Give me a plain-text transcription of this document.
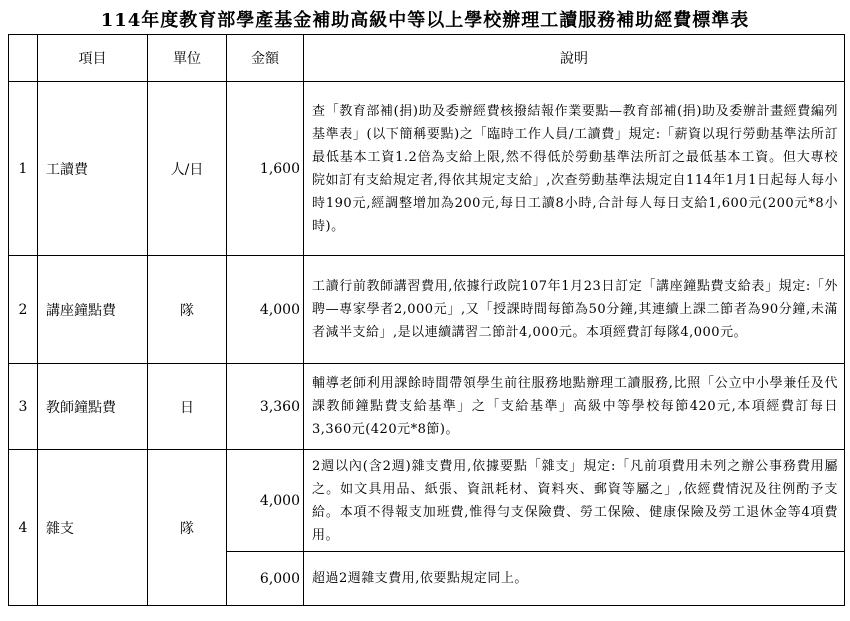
114年度教育部學產基金補助高級中等以上學校辦理工讀服務補助經費標準表
	項目	單位	金額	說明
1	工讀費	人/日	1,600	查「教育部補(捐)助及委辦經費核撥結報作業要點—教育部補(捐)助及委辦計畫經費編列基準表」(以下簡稱要點)之「臨時工作人員/工讀費」規定:「薪資以現行勞動基準法所訂最低基本工資1.2倍為支給上限,然不得低於勞動基準法所訂之最低基本工資。但大專校院如訂有支給規定者,得依其規定支給」,次查勞動基準法規定自114年1月1日起每人每小時190元,經調整增加為200元,每日工讀8小時,合計每人每日支給1,600元(200元*8小時)。
2	講座鐘點費	隊	4,000	工讀行前教師講習費用,依據行政院107年1月23日訂定「講座鐘點費支給表」規定:「外聘—專家學者2,000元」,又「授課時間每節為50分鐘,其連續上課二節者為90分鐘,未滿者減半支給」,是以連續講習二節計4,000元。本項經費訂每隊4,000元。
3	教師鐘點費	日	3,360	輔導老師利用課餘時間帶領學生前往服務地點辦理工讀服務,比照「公立中小學兼任及代課教師鐘點費支給基準」之「支給基準」高級中等學校每節420元,本項經費訂每日3,360元(420元*8節)。
4	雜支	隊	4,000	2週以內(含2週)雜支費用,依據要點「雜支」規定:「凡前項費用未列之辦公事務費用屬之。如文具用品、紙張、資訊耗材、資料夾、郵資等屬之」,依經費情況及往例酌予支給。本項不得報支加班費,惟得勻支保險費、勞工保險、健康保險及勞工退休金等4項費用。
			6,000	超過2週雜支費用,依要點規定同上。
